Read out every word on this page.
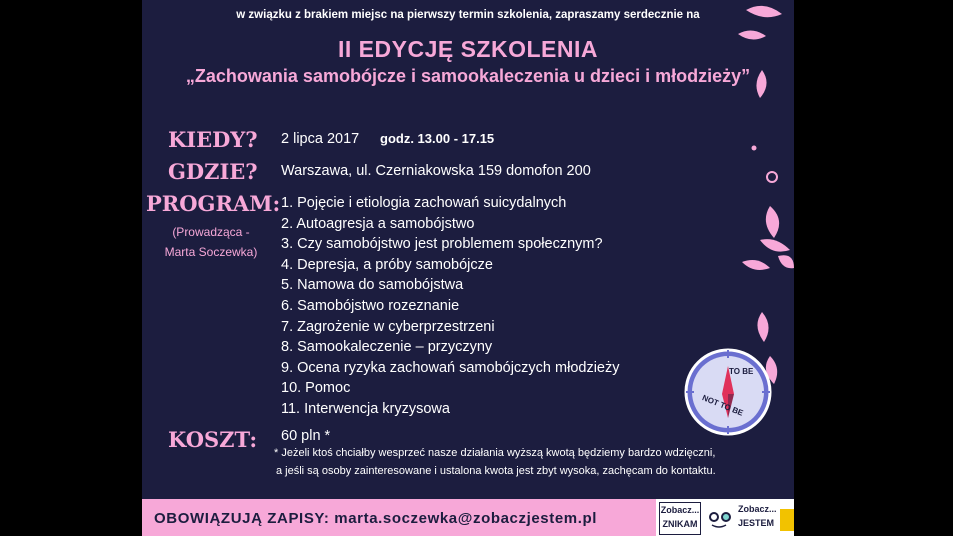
w związku z brakiem miejsc na pierwszy termin szkolenia, zapraszamy serdecznie na
II EDYCJĘ SZKOLENIA
„Zachowania samobójcze i samookaleczenia u dzieci i młodzieży”
KIEDY? 2 lipca 2017 godz. 13.00 - 17.15
GDZIE? Warszawa, ul. Czerniakowska 159 domofon 200
PROGRAM:
(Prowadząca -
Marta Soczewka)
1. Pojęcie i etiologia zachowań suicydalnych
2. Autoagresja a samobójstwo
3. Czy samobójstwo jest problemem społecznym?
4. Depresja, a próby samobójcze
5. Namowa do samobójstwa
6. Samobójstwo rozeznanie
7. Zagrożenie w cyberprzestrzeni
8. Samookaleczenie – przyczyny
9. Ocena ryzyka zachowań samobójczych młodzieży
10. Pomoc
11. Interwencja kryzysowa
TO BE
NOT TO BE
KOSZT: 60 pln *
* Jeżeli ktoś chciałby wesprzeć nasze działania wyższą kwotą będziemy bardzo wdzięczni,
a jeśli są osoby zainteresowane i ustalona kwota jest zbyt wysoka, zachęcam do kontaktu.
OBOWIĄZUJĄ ZAPISY: marta.soczewka@zobaczjestem.pl	Zobacz...
ZNIKAM
Zobacz...
JESTEM
